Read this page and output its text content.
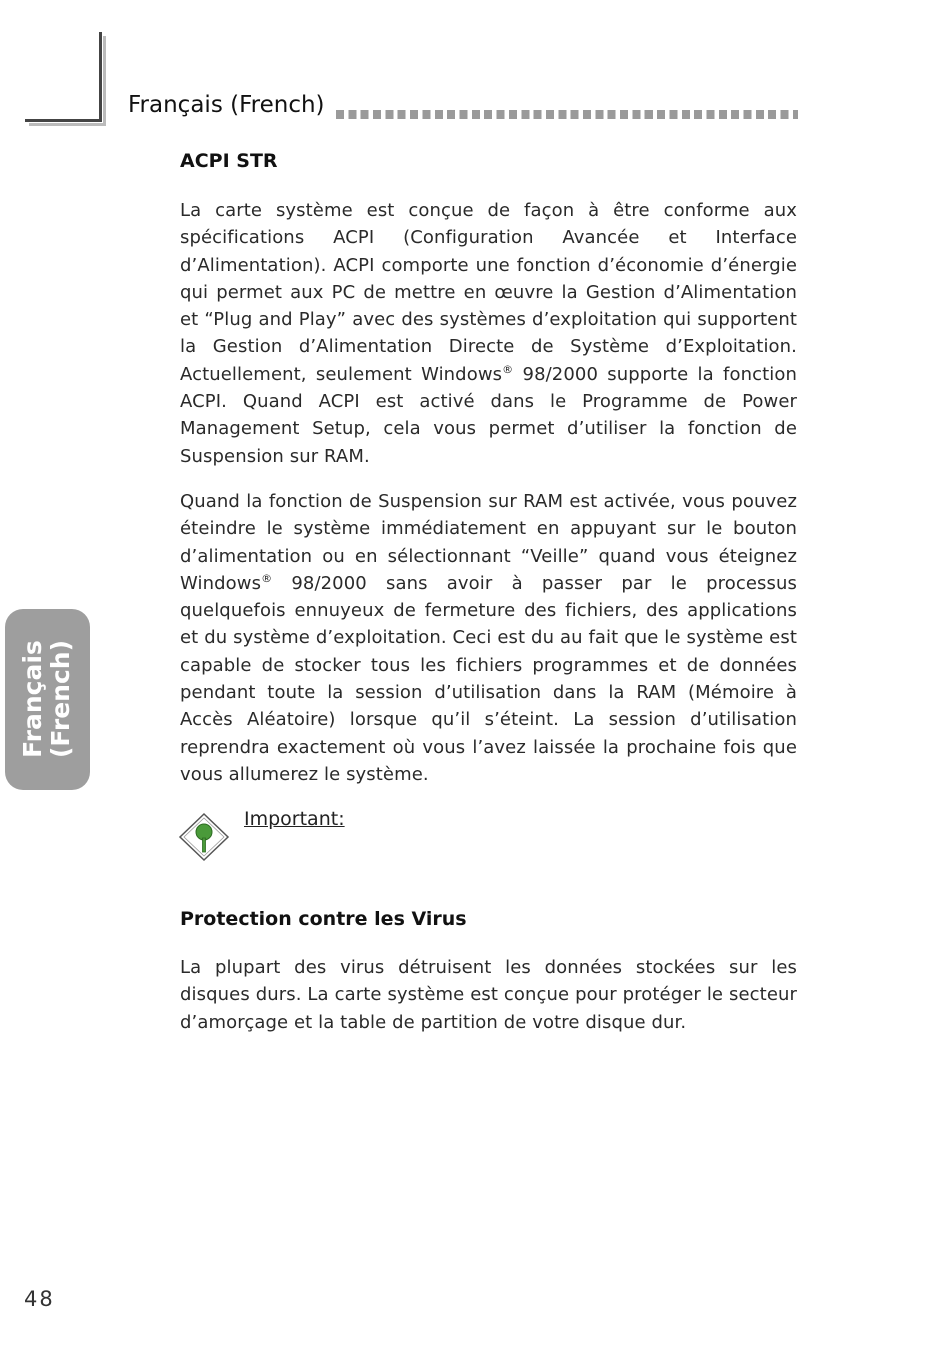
Français (French)
Français (French)
ACPI STR

La carte système est conçue de façon à être conforme aux spécifications ACPI (Configuration Avancée et Interface d’Alimentation). ACPI comporte une fonction d’économie d’énergie qui permet aux PC de mettre en œuvre la Gestion d’Alimentation et “Plug and Play” avec des systèmes d’exploitation qui supportent la Gestion d’Alimentation Directe de Système d’Exploitation. Actuellement, seulement Windows® 98/2000 supporte la fonction ACPI. Quand ACPI est activé dans le Programme de Power Management Setup, cela vous permet d’utiliser la fonction de Suspension sur RAM.

Quand la fonction de Suspension sur RAM est activée, vous pouvez éteindre le système immédiatement en appuyant sur le bouton d’alimentation ou en sélectionnant “Veille” quand vous éteignez Windows® 98/2000 sans avoir à passer par le processus quelquefois ennuyeux de fermeture des fichiers, des applications et du système d’exploitation. Ceci est du au fait que le système est capable de stocker tous les fichiers programmes et de données pendant toute la session d’utilisation dans la RAM (Mémoire à Accès Aléatoire) lorsque qu’il s’éteint. La session d’utilisation reprendra exactement où vous l’avez laissée la prochaine fois que vous allumerez le système.

Important:
Protection contre les Virus

La plupart des virus détruisent les données stockées sur les disques durs. La carte système est conçue pour protéger le secteur d’amorçage et la table de partition de votre disque dur.

48
